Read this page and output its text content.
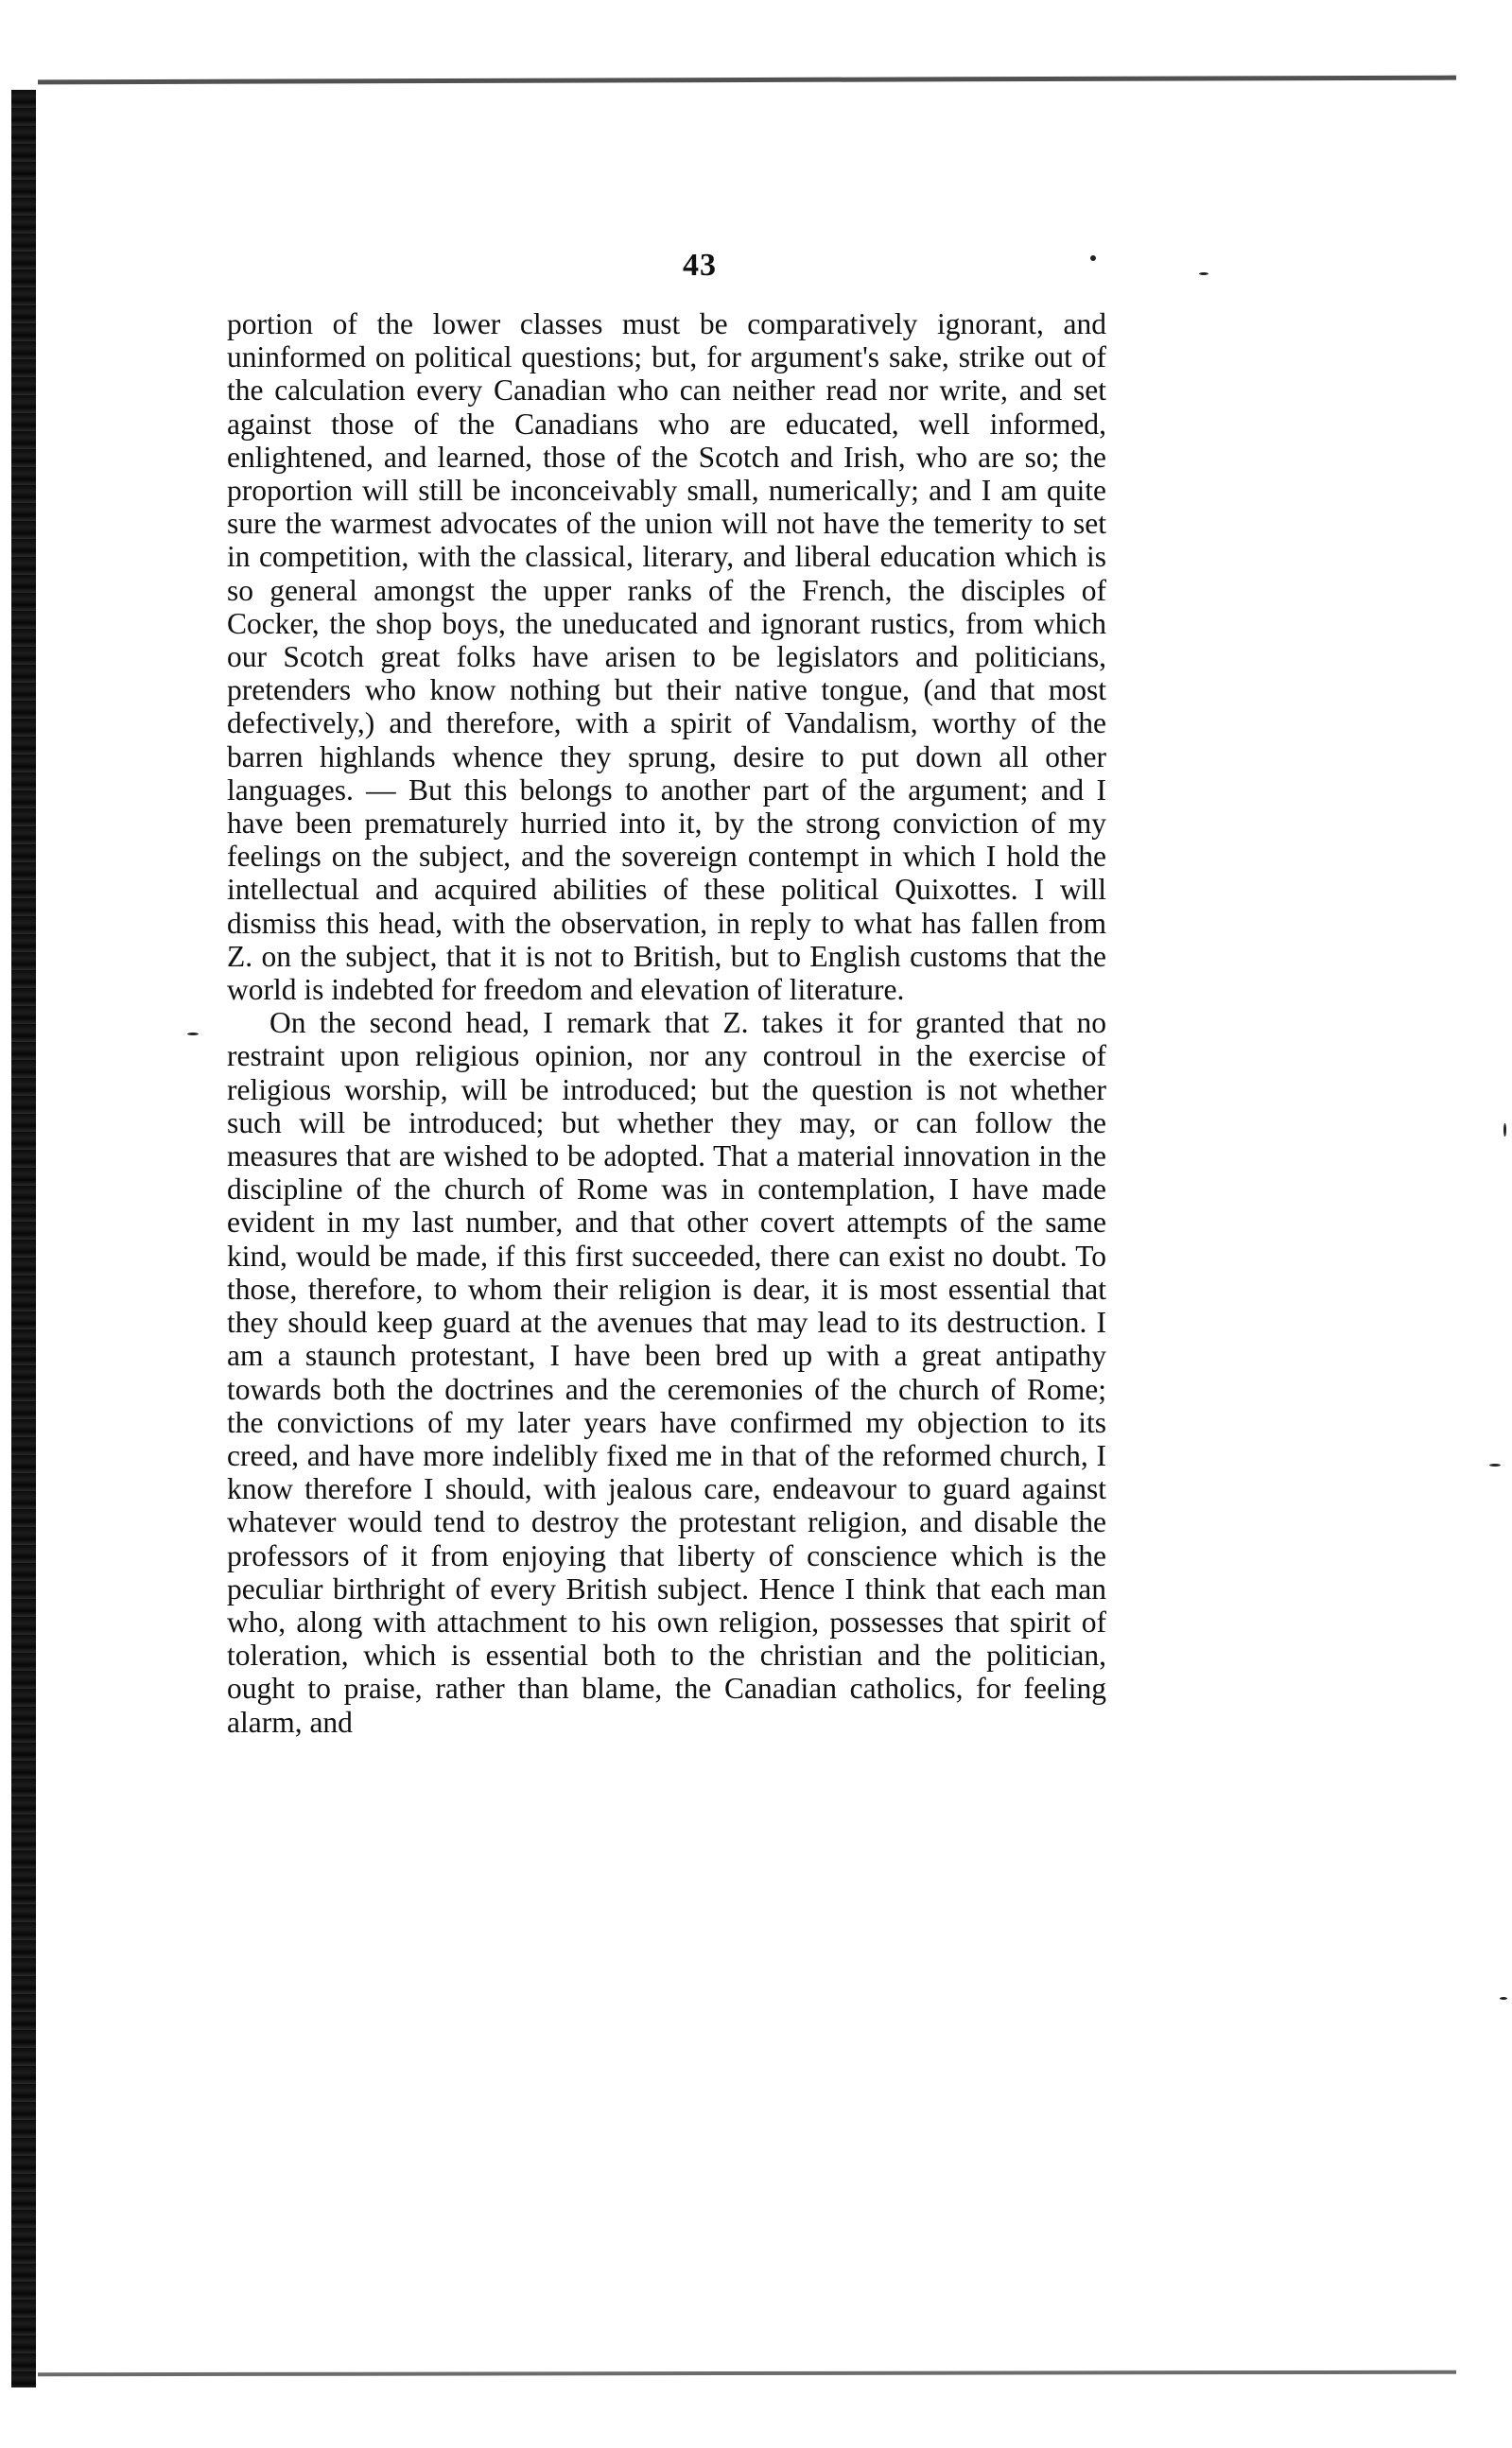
43

portion of the lower classes must be comparatively ignorant, and uninformed on political questions; but, for argument's sake, strike out of the calculation every Canadian who can neither read nor write, and set against those of the Canadians who are educated, well informed, enlightened, and learned, those of the Scotch and Irish, who are so; the proportion will still be inconceivably small, numerically; and I am quite sure the warmest advocates of the union will not have the temerity to set in competition, with the classical, literary, and liberal education which is so general amongst the upper ranks of the French, the disciples of Cocker, the shop boys, the uneducated and ignorant rustics, from which our Scotch great folks have arisen to be legislators and politicians, pretenders who know nothing but their native tongue, (and that most defectively,) and therefore, with a spirit of Vandalism, worthy of the barren highlands whence they sprung, desire to put down all other languages. — But this belongs to another part of the argument; and I have been prematurely hurried into it, by the strong conviction of my feelings on the subject, and the sovereign contempt in which I hold the intellectual and acquired abilities of these political Quixottes. I will dismiss this head, with the observation, in reply to what has fallen from Z. on the subject, that it is not to British, but to English customs that the world is indebted for freedom and elevation of literature.

On the second head, I remark that Z. takes it for granted that no restraint upon religious opinion, nor any controul in the exercise of religious worship, will be introduced; but the question is not whether such will be introduced; but whether they may, or can follow the measures that are wished to be adopted. That a material innovation in the discipline of the church of Rome was in contemplation, I have made evident in my last number, and that other covert attempts of the same kind, would be made, if this first succeeded, there can exist no doubt. To those, therefore, to whom their religion is dear, it is most essential that they should keep guard at the avenues that may lead to its destruction. I am a staunch protestant, I have been bred up with a great antipathy towards both the doctrines and the ceremonies of the church of Rome; the convictions of my later years have confirmed my objection to its creed, and have more indelibly fixed me in that of the reformed church, I know therefore I should, with jealous care, endeavour to guard against whatever would tend to destroy the protestant religion, and disable the professors of it from enjoying that liberty of conscience which is the peculiar birthright of every British subject. Hence I think that each man who, along with attachment to his own religion, possesses that spirit of toleration, which is essential both to the christian and the politician, ought to praise, rather than blame, the Canadian catholics, for feeling alarm, and
